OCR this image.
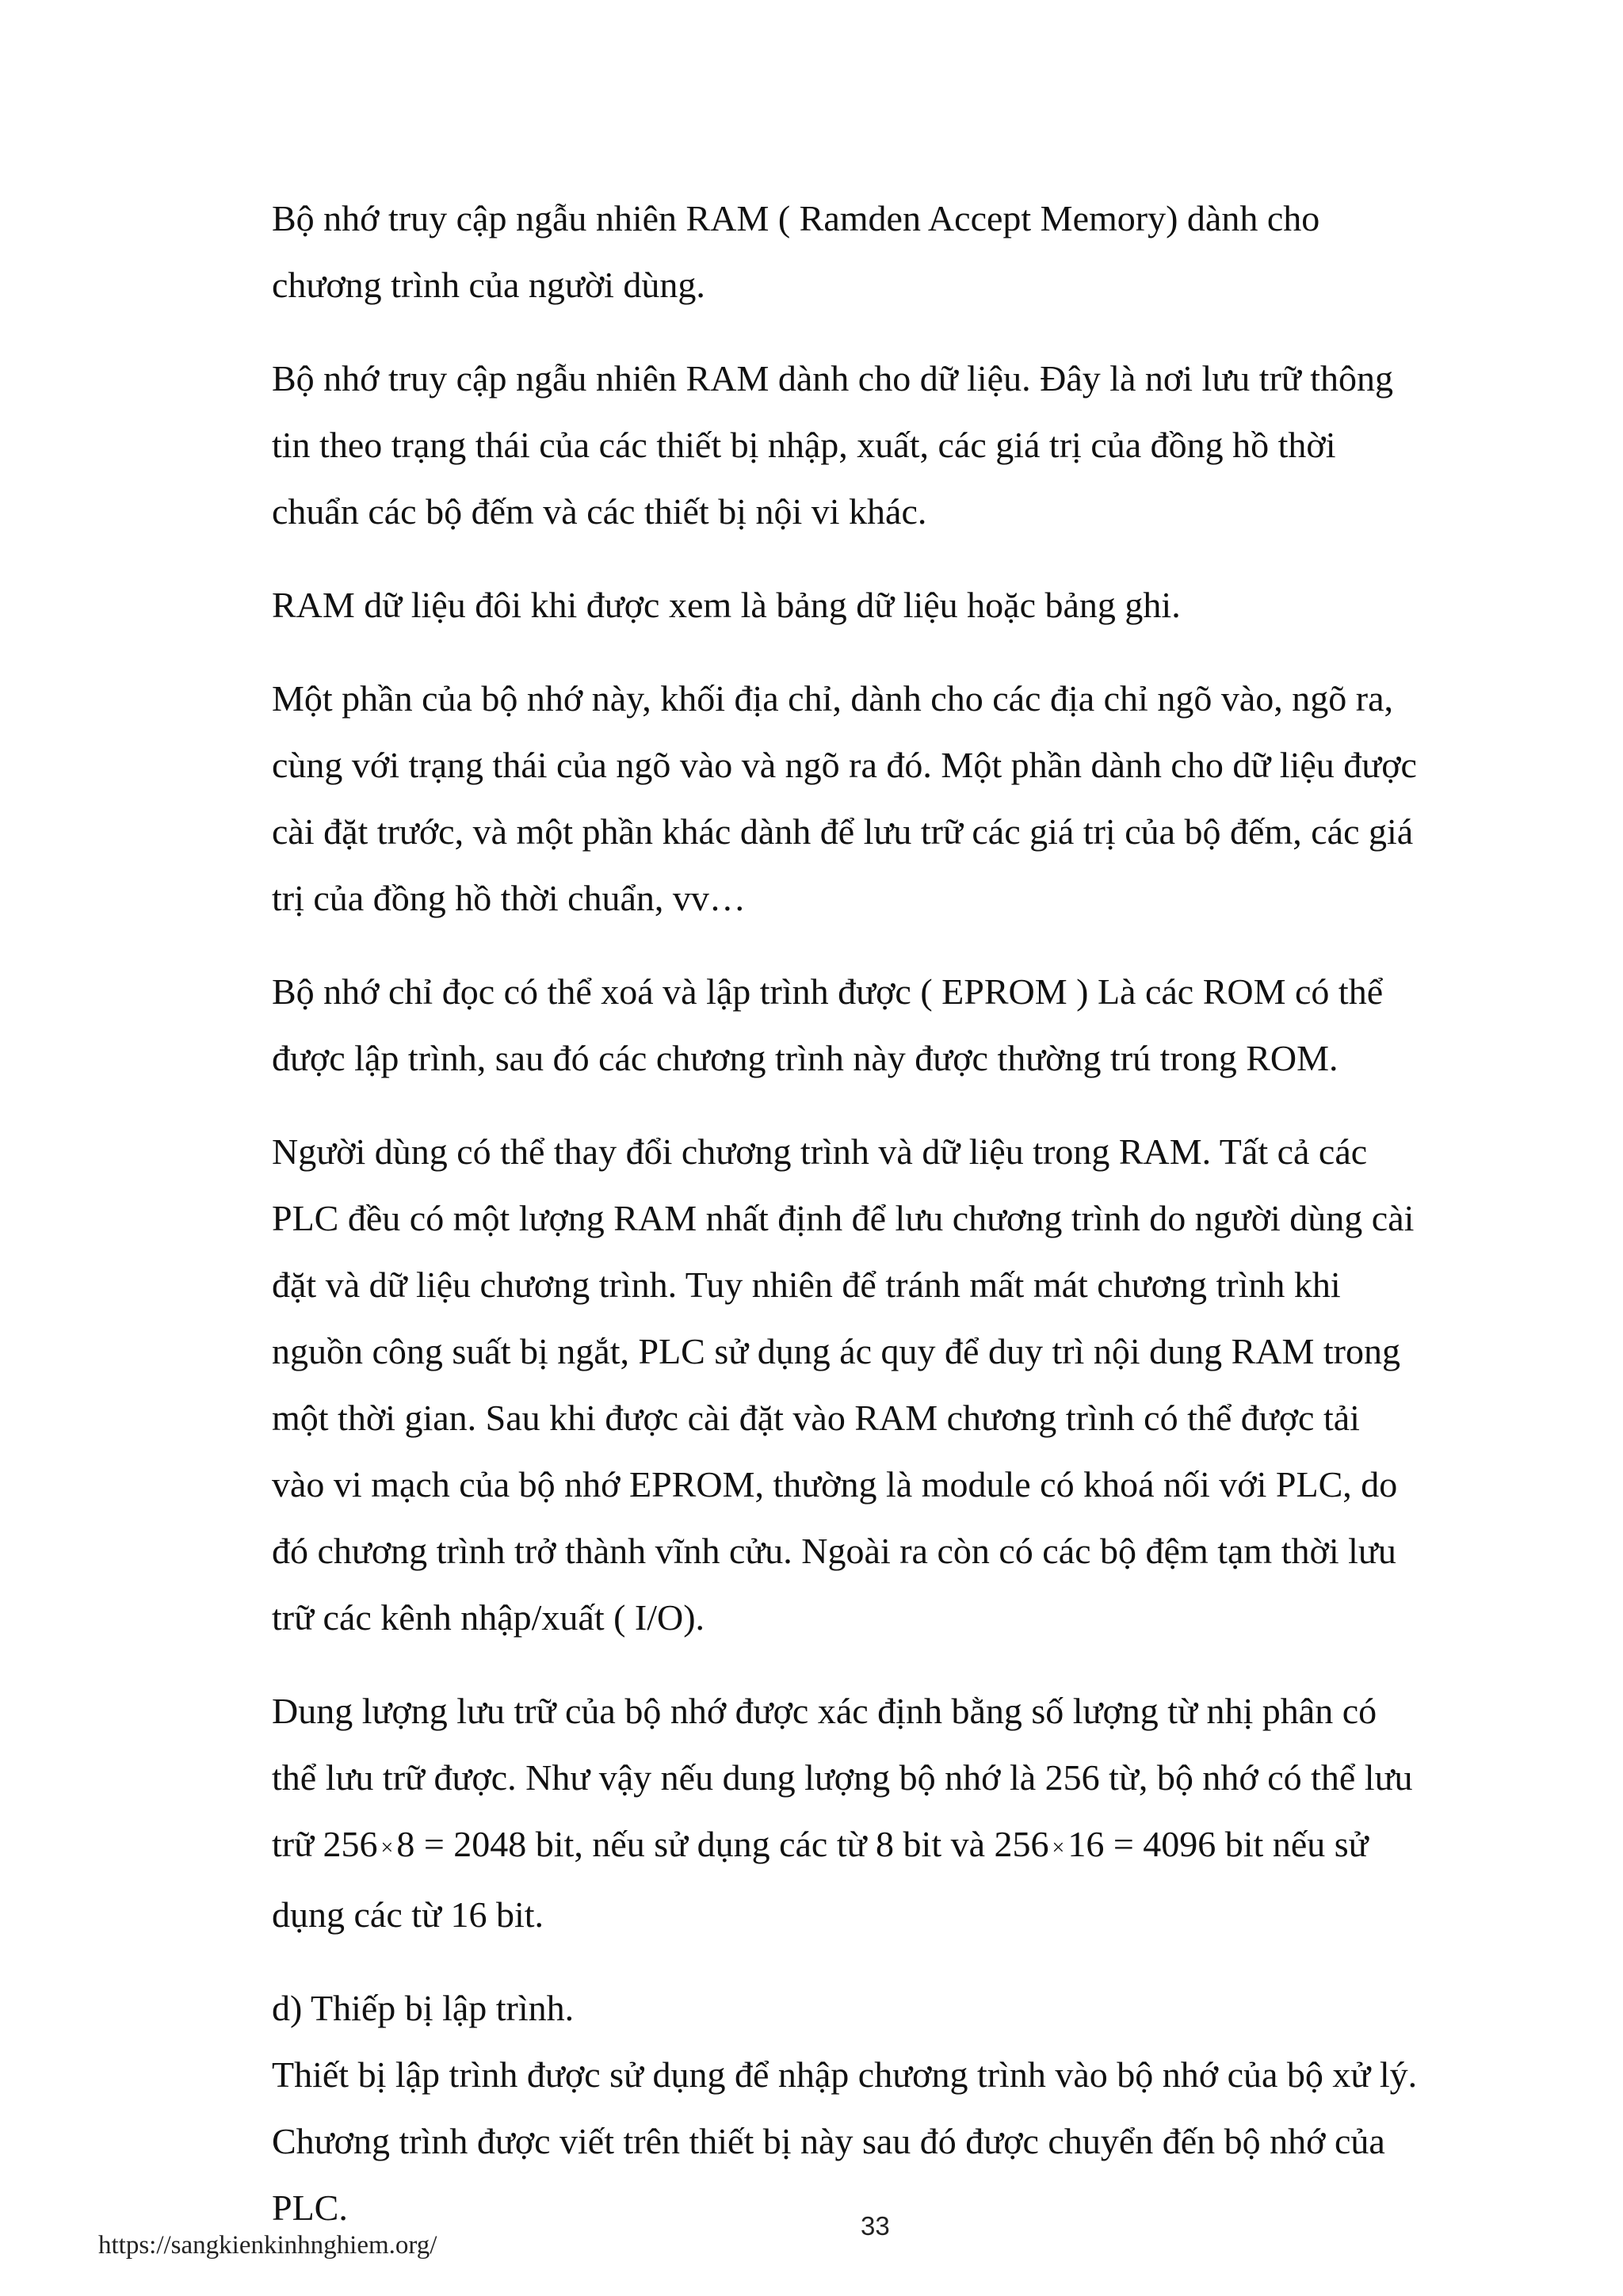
Bộ nhớ truy cập ngẫu nhiên RAM ( Ramden Accept Memory) dành cho
chương trình của người dùng.

Bộ nhớ truy cập ngẫu nhiên RAM dành cho dữ liệu. Đây là nơi lưu trữ thông
tin theo trạng thái của các thiết bị nhập, xuất, các giá trị của đồng hồ thời
chuẩn các bộ đếm và các thiết bị nội vi khác.

RAM dữ liệu đôi khi được xem là bảng dữ liệu hoặc bảng ghi.

Một phần của bộ nhớ này, khối địa chỉ, dành cho các địa chỉ ngõ vào, ngõ ra,
cùng với trạng thái của ngõ vào và ngõ ra đó. Một phần dành cho dữ liệu được
cài đặt trước, và một phần khác dành để lưu trữ các giá trị của bộ đếm, các giá
trị của đồng hồ thời chuẩn, vv…

Bộ nhớ chỉ đọc có thể xoá và lập trình được ( EPROM ) Là các ROM có thể
được lập trình, sau đó các chương trình này được thường trú trong ROM.

Người dùng có thể thay đổi chương trình và dữ liệu trong RAM. Tất cả các
PLC đều có một lượng RAM nhất định để lưu chương trình do người dùng cài
đặt và dữ liệu chương trình. Tuy nhiên để tránh mất mát chương trình khi
nguồn công suất bị ngắt, PLC sử dụng ác quy để duy trì nội dung RAM trong
một thời gian. Sau khi được cài đặt vào RAM chương trình có thể được tải
vào vi mạch của bộ nhớ EPROM, thường là module có khoá nối với PLC, do
đó chương trình trở thành vĩnh cửu. Ngoài ra còn có các bộ đệm tạm thời lưu
trữ các kênh nhập/xuất ( I/O).

Dung lượng lưu trữ của bộ nhớ được xác định bằng số lượng từ nhị phân có
thể lưu trữ được. Như vậy nếu dung lượng bộ nhớ là 256 từ, bộ nhớ có thể lưu
trữ 256 ×8 = 2048 bit, nếu sử dụng các từ 8 bit và 256 ×16 = 4096 bit nếu sử
dụng các từ 16 bit.

d) Thiếp bị lập trình.

Thiết bị lập trình được sử dụng để nhập chương trình vào bộ nhớ của bộ xử lý.
Chương trình được viết trên thiết bị này sau đó được chuyển đến bộ nhớ của
PLC.

https://sangkienkinhnghiem.org/
33
